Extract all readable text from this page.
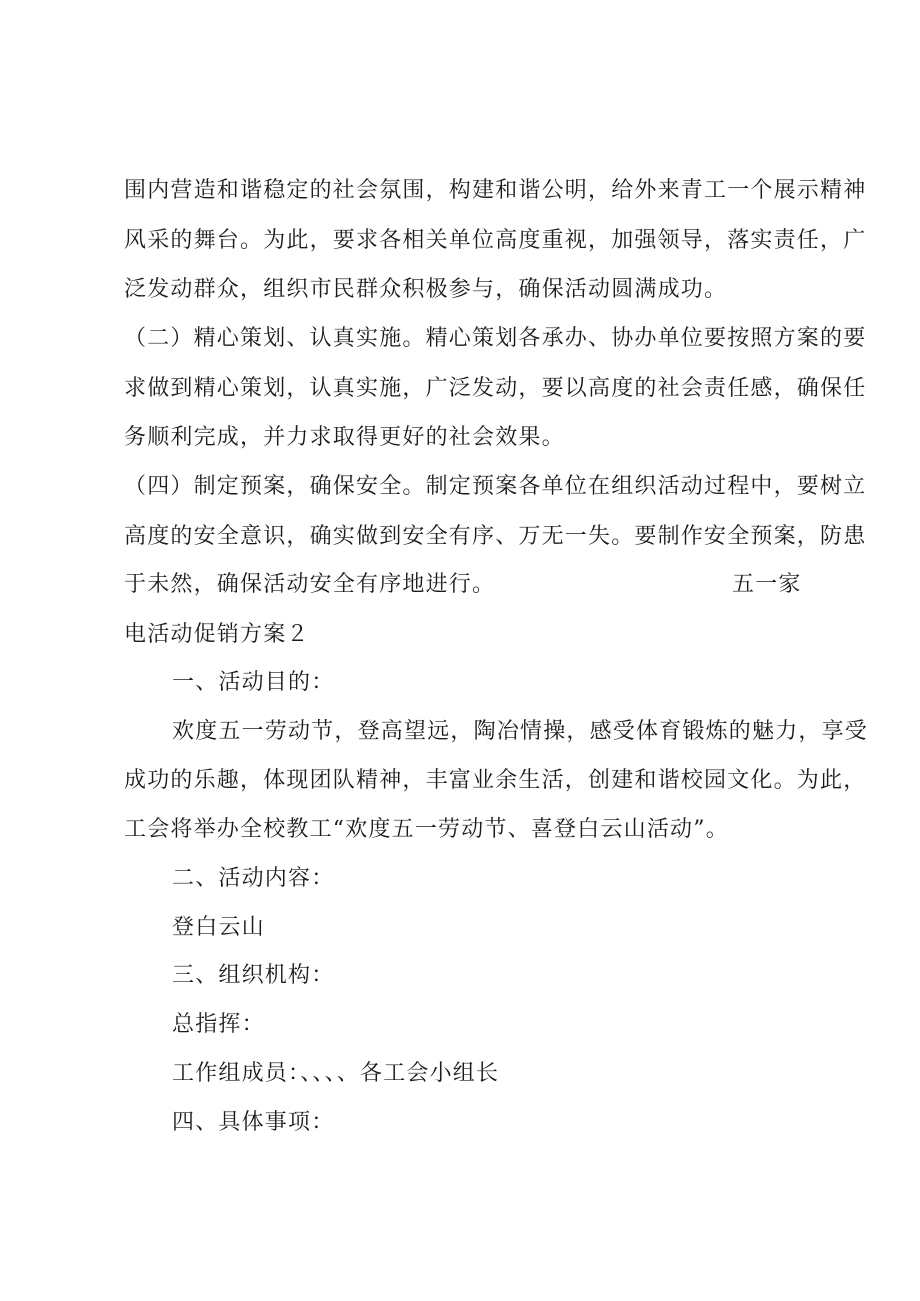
围内营造和谐稳定的社会氛围，构建和谐公明，给外来青工一个展示精神
风采的舞台。为此，要求各相关单位高度重视，加强领导，落实责任，广
泛发动群众，组织市民群众积极参与，确保活动圆满成功。
（二）精心策划、认真实施。精心策划各承办、协办单位要按照方案的要
求做到精心策划，认真实施，广泛发动，要以高度的社会责任感，确保任
务顺利完成，并力求取得更好的社会效果。
（四）制定预案，确保安全。制定预案各单位在组织活动过程中，要树立
高度的安全意识，确实做到安全有序、万无一失。要制作安全预案，防患
于未然，确保活动安全有序地进行。	五一家
电活动促销方案２
一、活动目的：
欢度五一劳动节，登高望远，陶冶情操，感受体育锻炼的魅力，享受
成功的乐趣，体现团队精神，丰富业余生活，创建和谐校园文化。为此，
工会将举办全校教工“欢度五一劳动节、喜登白云山活动”。
二、活动内容：
登白云山
三、组织机构：
总指挥：
工作组成员：、、、、各工会小组长
四、具体事项：
